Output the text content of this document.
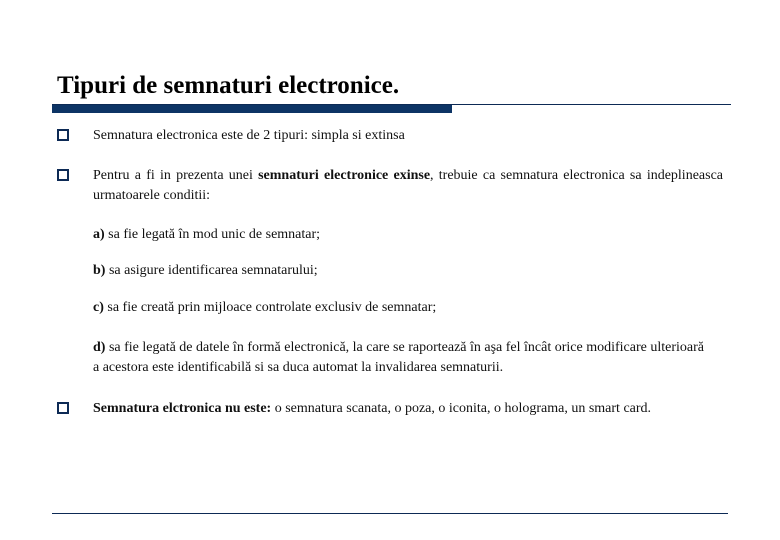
Tipuri de semnaturi electronice.
Semnatura electronica este de 2 tipuri: simpla si extinsa
Pentru a fi in prezenta unei semnaturi electronice exinse, trebuie ca semnatura electronica sa indeplineasca urmatoarele conditii:
a) sa fie legată în mod unic de semnatar;
b) sa asigure identificarea semnatarului;
c) sa fie creată prin mijloace controlate exclusiv de semnatar;
d) sa fie legată de datele în formă electronică, la care se raportează în aşa fel încât orice modificare ulterioară a acestora este identificabilă si sa duca automat la invalidarea semnaturii.
Semnatura elctronica nu este: o semnatura scanata, o poza, o iconita, o holograma, un smart card.
